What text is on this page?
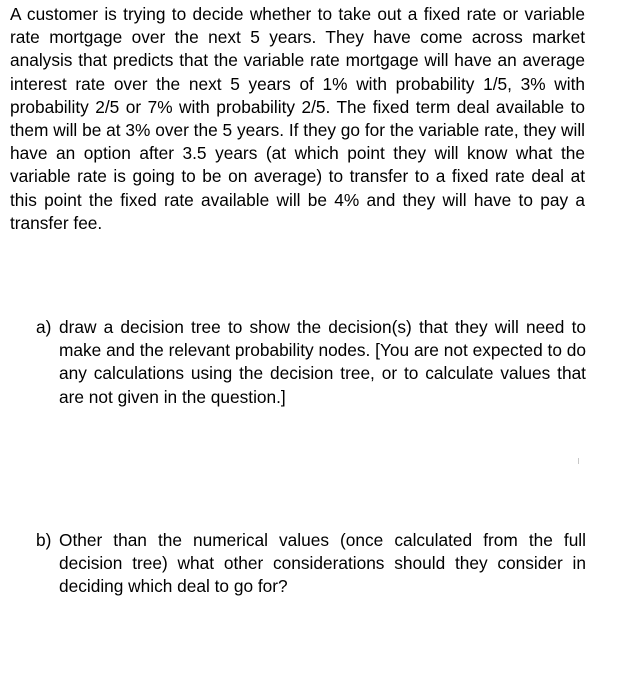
A customer is trying to decide whether to take out a fixed rate or variable rate mortgage over the next 5 years. They have come across market analysis that predicts that the variable rate mortgage will have an average interest rate over the next 5 years of 1% with probability 1/5, 3% with probability 2/5 or 7% with probability 2/5. The fixed term deal available to them will be at 3% over the 5 years. If they go for the variable rate, they will have an option after 3.5 years (at which point they will know what the variable rate is going to be on average) to transfer to a fixed rate deal at this point the fixed rate available will be 4% and they will have to pay a transfer fee.

a) draw a decision tree to show the decision(s) that they will need to make and the relevant probability nodes. [You are not expected to do any calculations using the decision tree, or to calculate values that are not given in the question.]

b) Other than the numerical values (once calculated from the full decision tree) what other considerations should they consider in deciding which deal to go for?
